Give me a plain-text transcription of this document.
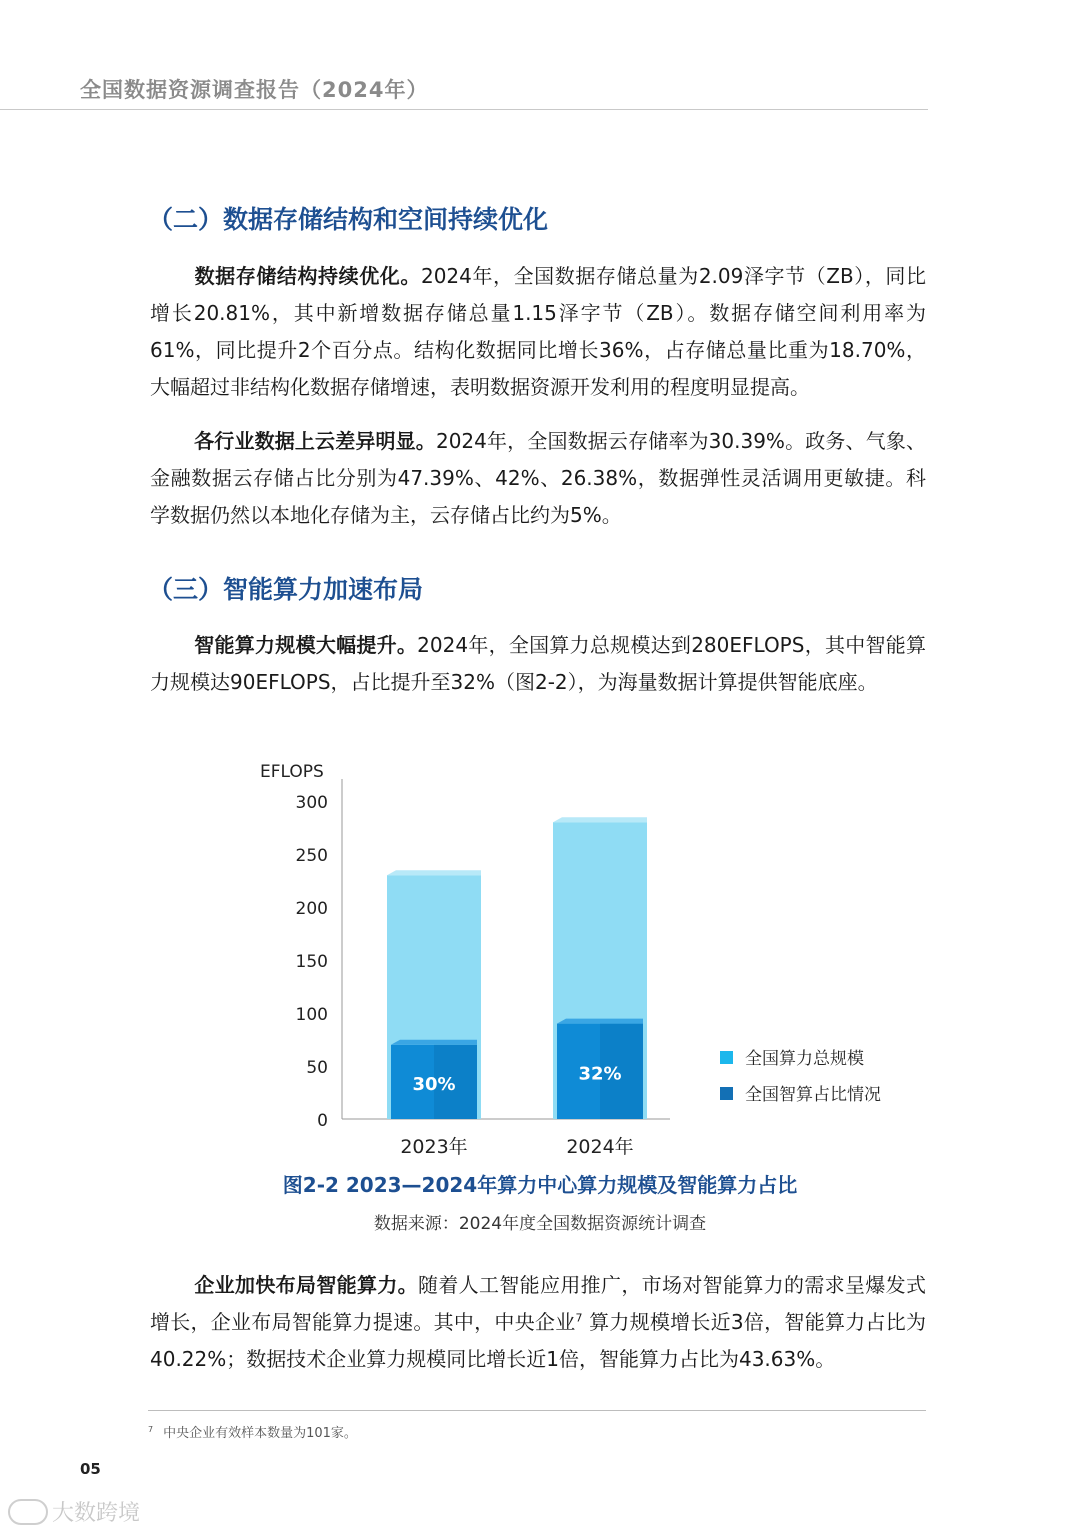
全国数据资源调查报告（2024年）
（二）数据存储结构和空间持续优化

数据存储结构持续优化。2024年，全国数据存储总量为2.09泽字节（ZB），同比增长20.81%，其中新增数据存储总量1.15泽字节（ZB）。数据存储空间利用率为61%，同比提升2个百分点。结构化数据同比增长36%，占存储总量比重为18.70%，大幅超过非结构化数据存储增速，表明数据资源开发利用的程度明显提高。

各行业数据上云差异明显。2024年，全国数据云存储率为30.39%。政务、气象、金融数据云存储占比分别为47.39%、42%、26.38%，数据弹性灵活调用更敏捷。科学数据仍然以本地化存储为主，云存储占比约为5%。

（三）智能算力加速布局

智能算力规模大幅提升。2024年，全国算力总规模达到280EFLOPS，其中智能算力规模达90EFLOPS，占比提升至32%（图2-2），为海量数据计算提供智能底座。

EFLOPS
0
50
100
150
200
250
300
30%
2023年
32%
2024年
全国算力总规模
全国智算占比情况
图2-2 2023—2024年算力中心算力规模及智能算力占比
数据来源：2024年度全国数据资源统计调查

企业加快布局智能算力。随着人工智能应用推广，市场对智能算力的需求呈爆发式增长，企业布局智能算力提速。其中，中央企业$^7$ 算力规模增长近3倍，智能算力占比为40.22%；数据技术企业算力规模同比增长近1倍，智能算力占比为43.63%。

$^7$ 中央企业有效样本数量为101家。
05
大数跨境
